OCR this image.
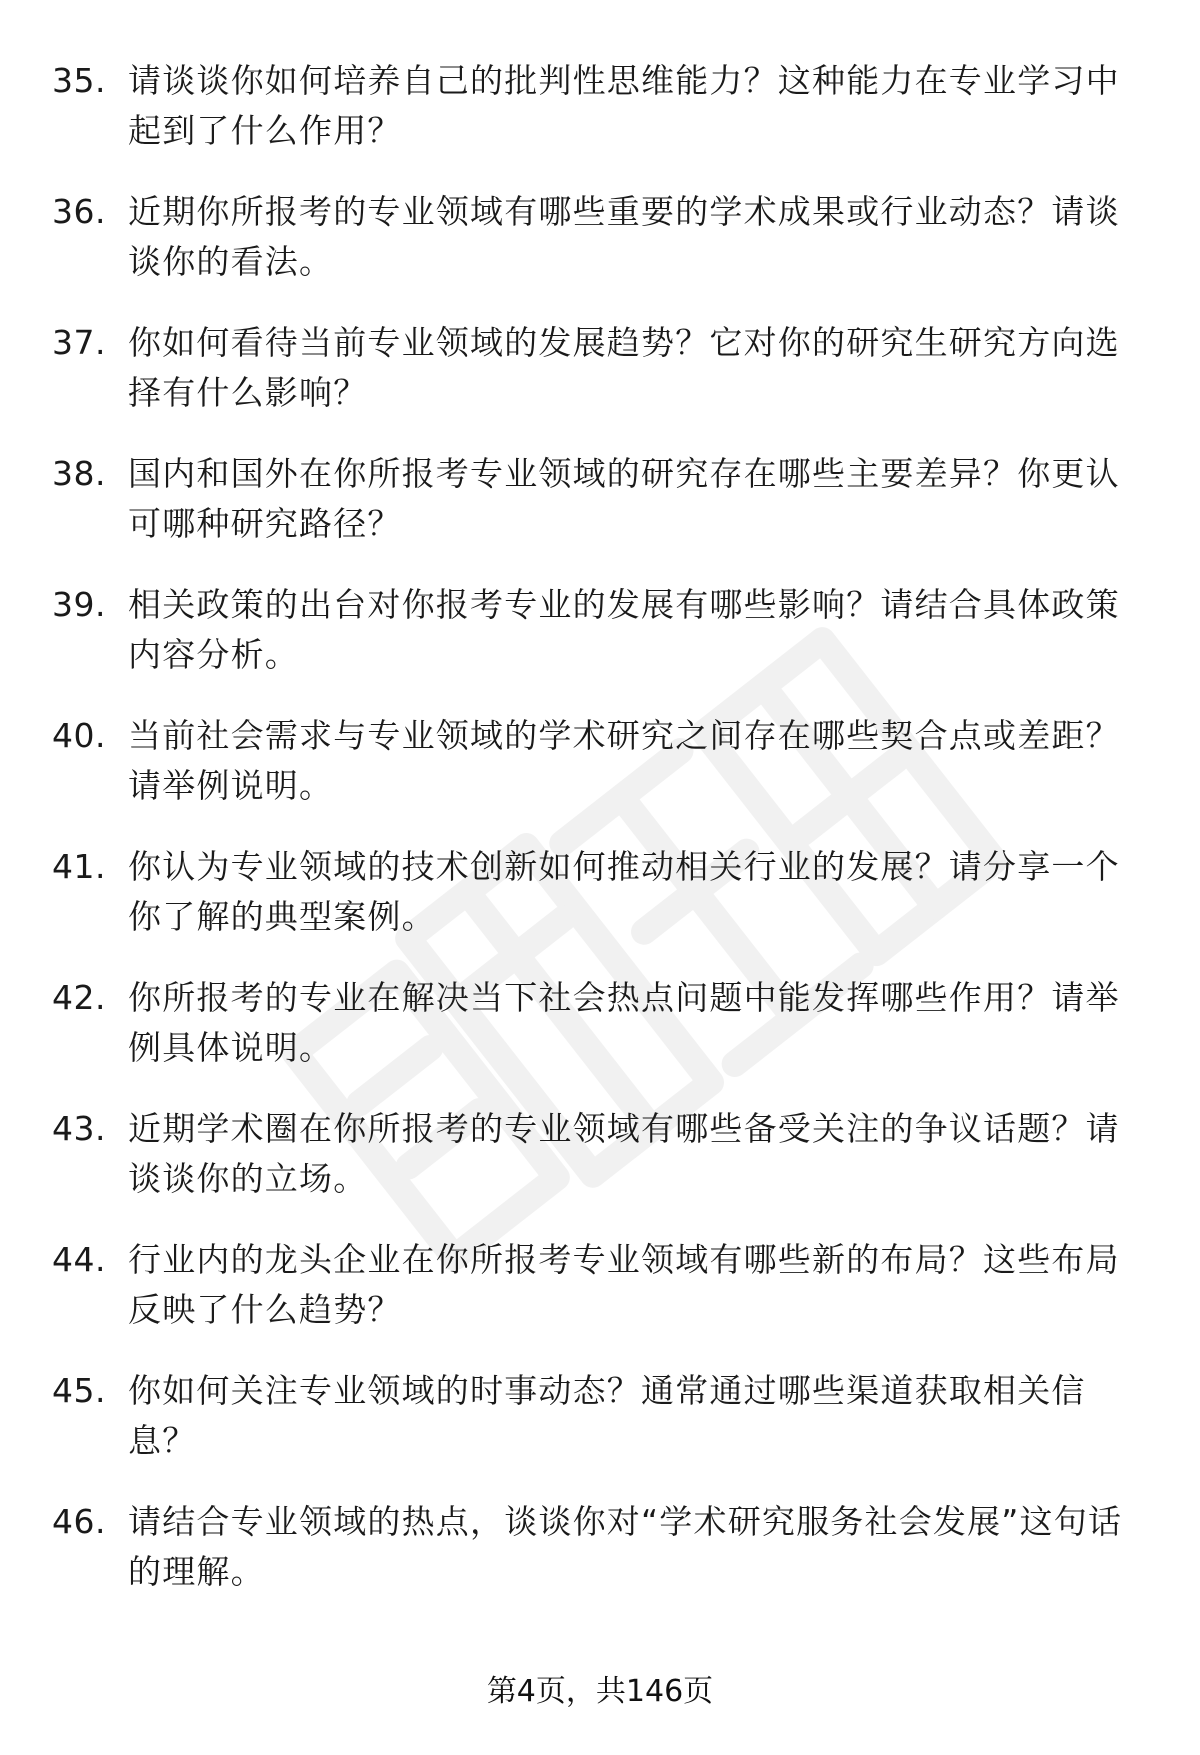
35. 请谈谈你如何培养自己的批判性思维能力？这种能力在专业学习中起到了什么作用？
36. 近期你所报考的专业领域有哪些重要的学术成果或行业动态？请谈谈你的看法。
37. 你如何看待当前专业领域的发展趋势？它对你的研究生研究方向选择有什么影响？
38. 国内和国外在你所报考专业领域的研究存在哪些主要差异？你更认可哪种研究路径？
39. 相关政策的出台对你报考专业的发展有哪些影响？请结合具体政策内容分析。
40. 当前社会需求与专业领域的学术研究之间存在哪些契合点或差距？请举例说明。
41. 你认为专业领域的技术创新如何推动相关行业的发展？请分享一个你了解的典型案例。
42. 你所报考的专业在解决当下社会热点问题中能发挥哪些作用？请举例具体说明。
43. 近期学术圈在你所报考的专业领域有哪些备受关注的争议话题？请谈谈你的立场。
44. 行业内的龙头企业在你所报考专业领域有哪些新的布局？这些布局反映了什么趋势？
45. 你如何关注专业领域的时事动态？通常通过哪些渠道获取相关信息？
46. 请结合专业领域的热点，谈谈你对“学术研究服务社会发展”这句话的理解。
第4页，共146页
